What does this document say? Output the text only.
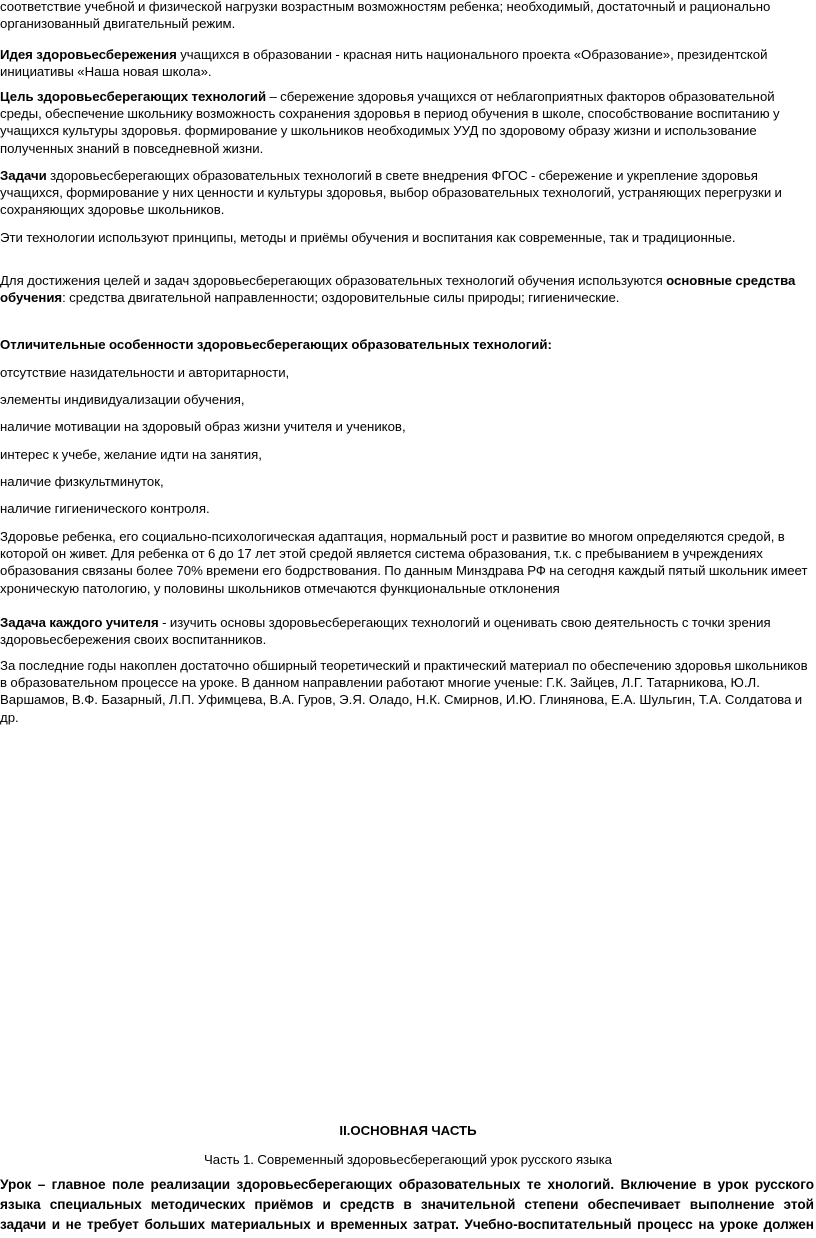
соответствие учебной и физической нагрузки возрастным возможностям ребенка; необходимый, достаточный и рационально организованный двигательный режим.

Идея здоровьесбережения учащихся в образовании - красная нить национального проекта «Образование», президентской инициативы «Наша новая школа».

Цель здоровьесберегающих технологий – сбережение здоровья учащихся от неблагоприятных факторов образовательной среды, обеспечение школьнику возможность сохранения здоровья в период обучения в школе, способствование воспитанию у учащихся культуры здоровья. формирование у школьников необходимых УУД по здоровому образу жизни и использование полученных знаний в повседневной жизни.

Задачи здоровьесберегающих образовательных технологий в свете внедрения ФГОС - сбережение и укрепление здоровья учащихся, формирование у них ценности и культуры здоровья, выбор образовательных технологий, устраняющих перегрузки и сохраняющих здоровье школьников.

Эти технологии используют принципы, методы и приёмы обучения и воспитания как современные, так и традиционные.

Для достижения целей и задач здоровьесберегающих образовательных технологий обучения используются основные средства обучения: средства двигательной направленности; оздоровительные силы природы; гигиенические.

Отличительные особенности здоровьесберегающих образовательных технологий:

отсутствие назидательности и авторитарности,

элементы индивидуализации обучения,

наличие мотивации на здоровый образ жизни учителя и учеников,

интерес к учебе, желание идти на занятия,

наличие физкультминуток,

наличие гигиенического контроля.

Здоровье ребенка, его социально-психологическая адаптация, нормальный рост и развитие во многом определяются средой, в которой он живет. Для ребенка от 6 до 17 лет этой средой является система образования, т.к. с пребыванием в учреждениях образования связаны более 70% времени его бодрствования. По данным Минздрава РФ на сегодня каждый пятый школьник имеет хроническую патологию, у половины школьников отмечаются функциональные отклонения

Задача каждого учителя - изучить основы здоровьесберегающих технологий и оценивать свою деятельность с точки зрения здоровьесбережения своих воспитанников.

За последние годы накоплен достаточно обширный теоретический и практический материал по обеспечению здоровья школьников в образовательном процессе на уроке. В данном направлении работают многие ученые: Г.К. Зайцев, Л.Г. Татарникова, Ю.Л. Варшамов, В.Ф. Базарный, Л.П. Уфимцева, В.А. Гуров, Э.Я. Оладо, Н.К. Смирнов, И.Ю. Глинянова, Е.А. Шульгин, Т.А. Солдатова и др.

II.ОСНОВНАЯ ЧАСТЬ

Часть 1. Современный здоровьесберегающий урок русского языка

Урок – главное поле реализации здоровьесберегающих образовательных те хнологий. Включение в урок русского

языка специальных методических приёмов и средств в значительной степени обеспечивает выполнение этой

задачи и не требует больших материальных и временных затрат. Учебно-воспитательный процесс на уроке должен
